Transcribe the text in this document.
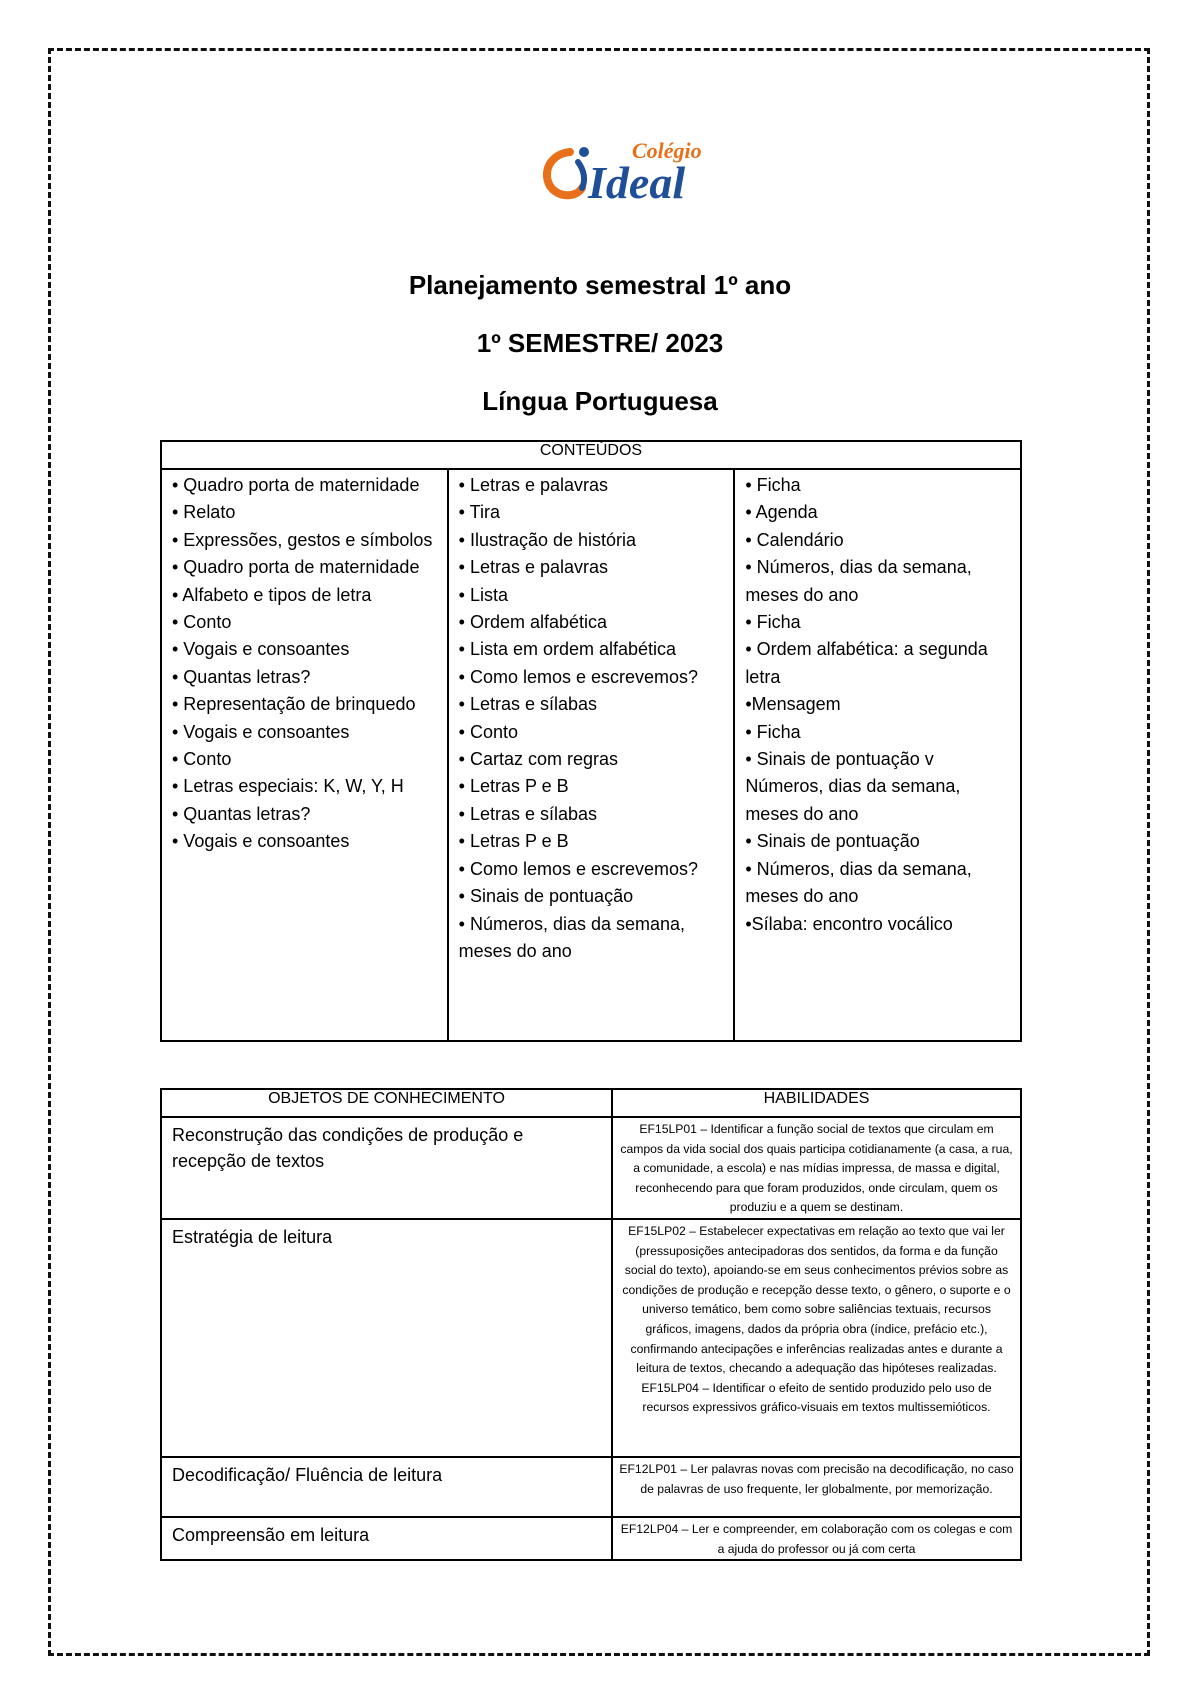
Colégio
Ideal
Planejamento semestral 1º ano
1º SEMESTRE/ 2023
Língua Portuguesa
CONTEÚDOS

• Quadro porta de maternidade
• Relato
• Expressões, gestos e símbolos
• Quadro porta de maternidade
• Alfabeto e tipos de letra
• Conto
• Vogais e consoantes
• Quantas letras?
• Representação de brinquedo
• Vogais e consoantes
• Conto
• Letras especiais: K, W, Y, H
• Quantas letras?
• Vogais e consoantes

• Letras e palavras
• Tira
• Ilustração de história
• Letras e palavras
• Lista
• Ordem alfabética
• Lista em ordem alfabética
• Como lemos e escrevemos?
• Letras e sílabas
• Conto
• Cartaz com regras
• Letras P e B
• Letras e sílabas
• Letras P e B
• Como lemos e escrevemos?
• Sinais de pontuação
• Números, dias da semana, meses do ano

• Ficha
• Agenda
• Calendário
• Números, dias da semana, meses do ano
• Ficha
• Ordem alfabética: a segunda letra
•Mensagem
• Ficha
• Sinais de pontuação v Números, dias da semana, meses do ano
• Sinais de pontuação
• Números, dias da semana, meses do ano
•Sílaba: encontro vocálico
OBJETOS DE CONHECIMENTO	HABILIDADES
Reconstrução das condições de produção e recepção de textos	EF15LP01 – Identificar a função social de textos que circulam em campos da vida social dos quais participa cotidianamente (a casa, a rua, a comunidade, a escola) e nas mídias impressa, de massa e digital, reconhecendo para que foram produzidos, onde circulam, quem os produziu e a quem se destinam.
Estratégia de leitura	EF15LP02 – Estabelecer expectativas em relação ao texto que vai ler (pressuposições antecipadoras dos sentidos, da forma e da função social do texto), apoiando-se em seus conhecimentos prévios sobre as condições de produção e recepção desse texto, o gênero, o suporte e o universo temático, bem como sobre saliências textuais, recursos gráficos, imagens, dados da própria obra (índice, prefácio etc.), confirmando antecipações e inferências realizadas antes e durante a leitura de textos, checando a adequação das hipóteses realizadas. EF15LP04 – Identificar o efeito de sentido produzido pelo uso de recursos expressivos gráfico-visuais em textos multissemióticos.
Decodificação/ Fluência de leitura	EF12LP01 – Ler palavras novas com precisão na decodificação, no caso de palavras de uso frequente, ler globalmente, por memorização.
Compreensão em leitura	EF12LP04 – Ler e compreender, em colaboração com os colegas e com a ajuda do professor ou já com certa
